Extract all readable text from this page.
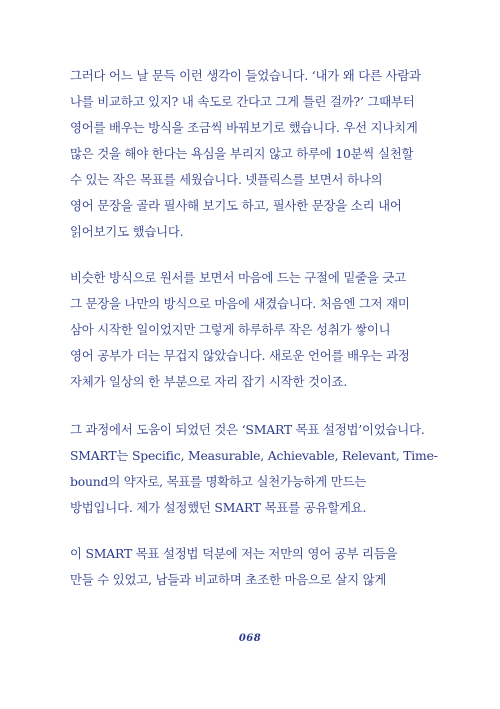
그러다 어느 날 문득 이런 생각이 들었습니다. ‘내가 왜 다른 사람과
나를 비교하고 있지? 내 속도로 간다고 그게 틀린 걸까?’ 그때부터
영어를 배우는 방식을 조금씩 바꿔보기로 했습니다. 우선 지나치게
많은 것을 해야 한다는 욕심을 부리지 않고 하루에 10분씩 실천할
수 있는 작은 목표를 세웠습니다. 넷플릭스를 보면서 하나의
영어 문장을 골라 필사해 보기도 하고, 필사한 문장을 소리 내어
읽어보기도 했습니다.
비슷한 방식으로 원서를 보면서 마음에 드는 구절에 밑줄을 긋고
그 문장을 나만의 방식으로 마음에 새겼습니다. 처음엔 그저 재미
삼아 시작한 일이었지만 그렇게 하루하루 작은 성취가 쌓이니
영어 공부가 더는 무겁지 않았습니다. 새로운 언어를 배우는 과정
자체가 일상의 한 부분으로 자리 잡기 시작한 것이죠.
그 과정에서 도움이 되었던 것은 ‘SMART 목표 설정법’이었습니다.
SMART는 Specific, Measurable, Achievable, Relevant, Time-
bound의 약자로, 목표를 명확하고 실천가능하게 만드는
방법입니다. 제가 설정했던 SMART 목표를 공유할게요.
이 SMART 목표 설정법 덕분에 저는 저만의 영어 공부 리듬을
만들 수 있었고, 남들과 비교하며 초조한 마음으로 살지 않게
068
